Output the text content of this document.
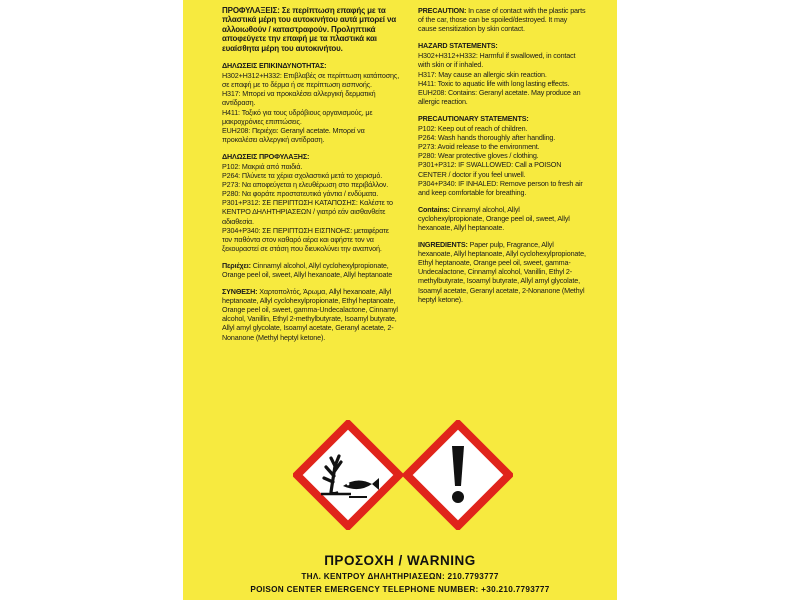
ΠΡΟΦΥΛΑΞΕΙΣ: Σε περίπτωση επαφής με τα πλαστικά μέρη του αυτοκινήτου αυτά μπορεί να αλλοιωθούν / καταστραφούν. Προληπτικά αποφεύγετε την επαφή με τα πλαστικά και ευαίσθητα μέρη του αυτοκινήτου.

ΔΗΛΩΣΕΙΣ ΕΠΙΚΙΝΔΥΝΟΤΗΤΑΣ:

H302+H312+H332: Επιβλαβές σε περίπτωση κατάποσης, σε επαφή με το δέρμα ή σε περίπτωση εισπνοής.
H317: Μπορεί να προκαλέσει αλλεργική δερματική αντίδραση.
H411: Τοξικό για τους υδρόβιους οργανισμούς, με μακροχρόνιες επιπτώσεις.
EUH208: Περιέχει: Geranyl acetate. Μπορεί να προκαλέσει αλλεργική αντίδραση.

ΔΗΛΩΣΕΙΣ ΠΡΟΦΥΛΑΞΗΣ:

P102: Μακριά από παιδιά.
P264: Πλύνετε τα χέρια σχολαστικά μετά το χειρισμό.
P273: Να αποφεύγεται η ελευθέρωση στο περιβάλλον.
P280: Να φοράτε προστατευτικά γάντια / ενδύματα.
P301+P312: ΣΕ ΠΕΡΙΠΤΩΣΗ ΚΑΤΑΠΟΣΗΣ: Καλέστε το ΚΕΝΤΡΟ ΔΗΛΗΤΗΡΙΑΣΕΩΝ / γιατρό εάν αισθανθείτε αδιαθεσία.
P304+P340: ΣΕ ΠΕΡΙΠΤΩΣΗ ΕΙΣΠΝΟΗΣ: μεταφέρατε τον παθόντα στον καθαρό αέρα και αφήστε τον να ξεκουραστεί σε στάση που διευκολύνει την αναπνοή.

Περιέχει: Cinnamyl alcohol, Allyl cyclohexylpropionate, Orange peel oil, sweet, Allyl hexanoate, Allyl heptanoate

ΣΥΝΘΕΣΗ: Χαρτοπολτός, Άρωμα, Allyl hexanoate, Allyl heptanoate, Allyl cyclohexylpropionate, Ethyl heptanoate, Orange peel oil, sweet, gamma-Undecalactone, Cinnamyl alcohol, Vanillin, Ethyl 2-methylbutyrate, Isoamyl butyrate, Allyl amyl glycolate, Isoamyl acetate, Geranyl acetate, 2-Nonanone (Methyl heptyl ketone).

PRECAUTION: In case of contact with the plastic parts of the car, those can be spoiled/destroyed. It may cause sensitization by skin contact.

HAZARD STATEMENTS:

H302+H312+H332: Harmful if swallowed, in contact with skin or if inhaled.
H317: May cause an allergic skin reaction.
H411: Toxic to aquatic life with long lasting effects.
EUH208: Contains: Geranyl acetate. May produce an allergic reaction.

PRECAUTIONARY STATEMENTS:

P102: Keep out of reach of children.
P264: Wash hands thoroughly after handling.
P273: Avoid release to the environment.
P280: Wear protective gloves / clothing.
P301+P312: IF SWALLOWED: Call a POISON CENTER / doctor if you feel unwell.
P304+P340: IF INHALED: Remove person to fresh air and keep comfortable for breathing.

Contains: Cinnamyl alcohol, Allyl cyclohexylpropionate, Orange peel oil, sweet, Allyl hexanoate, Allyl heptanoate.

INGREDIENTS: Paper pulp, Fragrance, Allyl hexanoate, Allyl heptanoate, Allyl cyclohexylpropionate, Ethyl heptanoate, Orange peel oil, sweet, gamma-Undecalactone, Cinnamyl alcohol, Vanillin, Ethyl 2-methylbutyrate, Isoamyl butyrate, Allyl amyl glycolate, Isoamyl acetate, Geranyl acetate, 2-Nonanone (Methyl heptyl ketone).

ΠΡΟΣΟΧΗ / WARNING
ΤΗΛ. ΚΕΝΤΡΟΥ ΔΗΛΗΤΗΡΙΑΣΕΩΝ: 210.7793777
POISON CENTER EMERGENCY TELEPHONE NUMBER: +30.210.7793777
